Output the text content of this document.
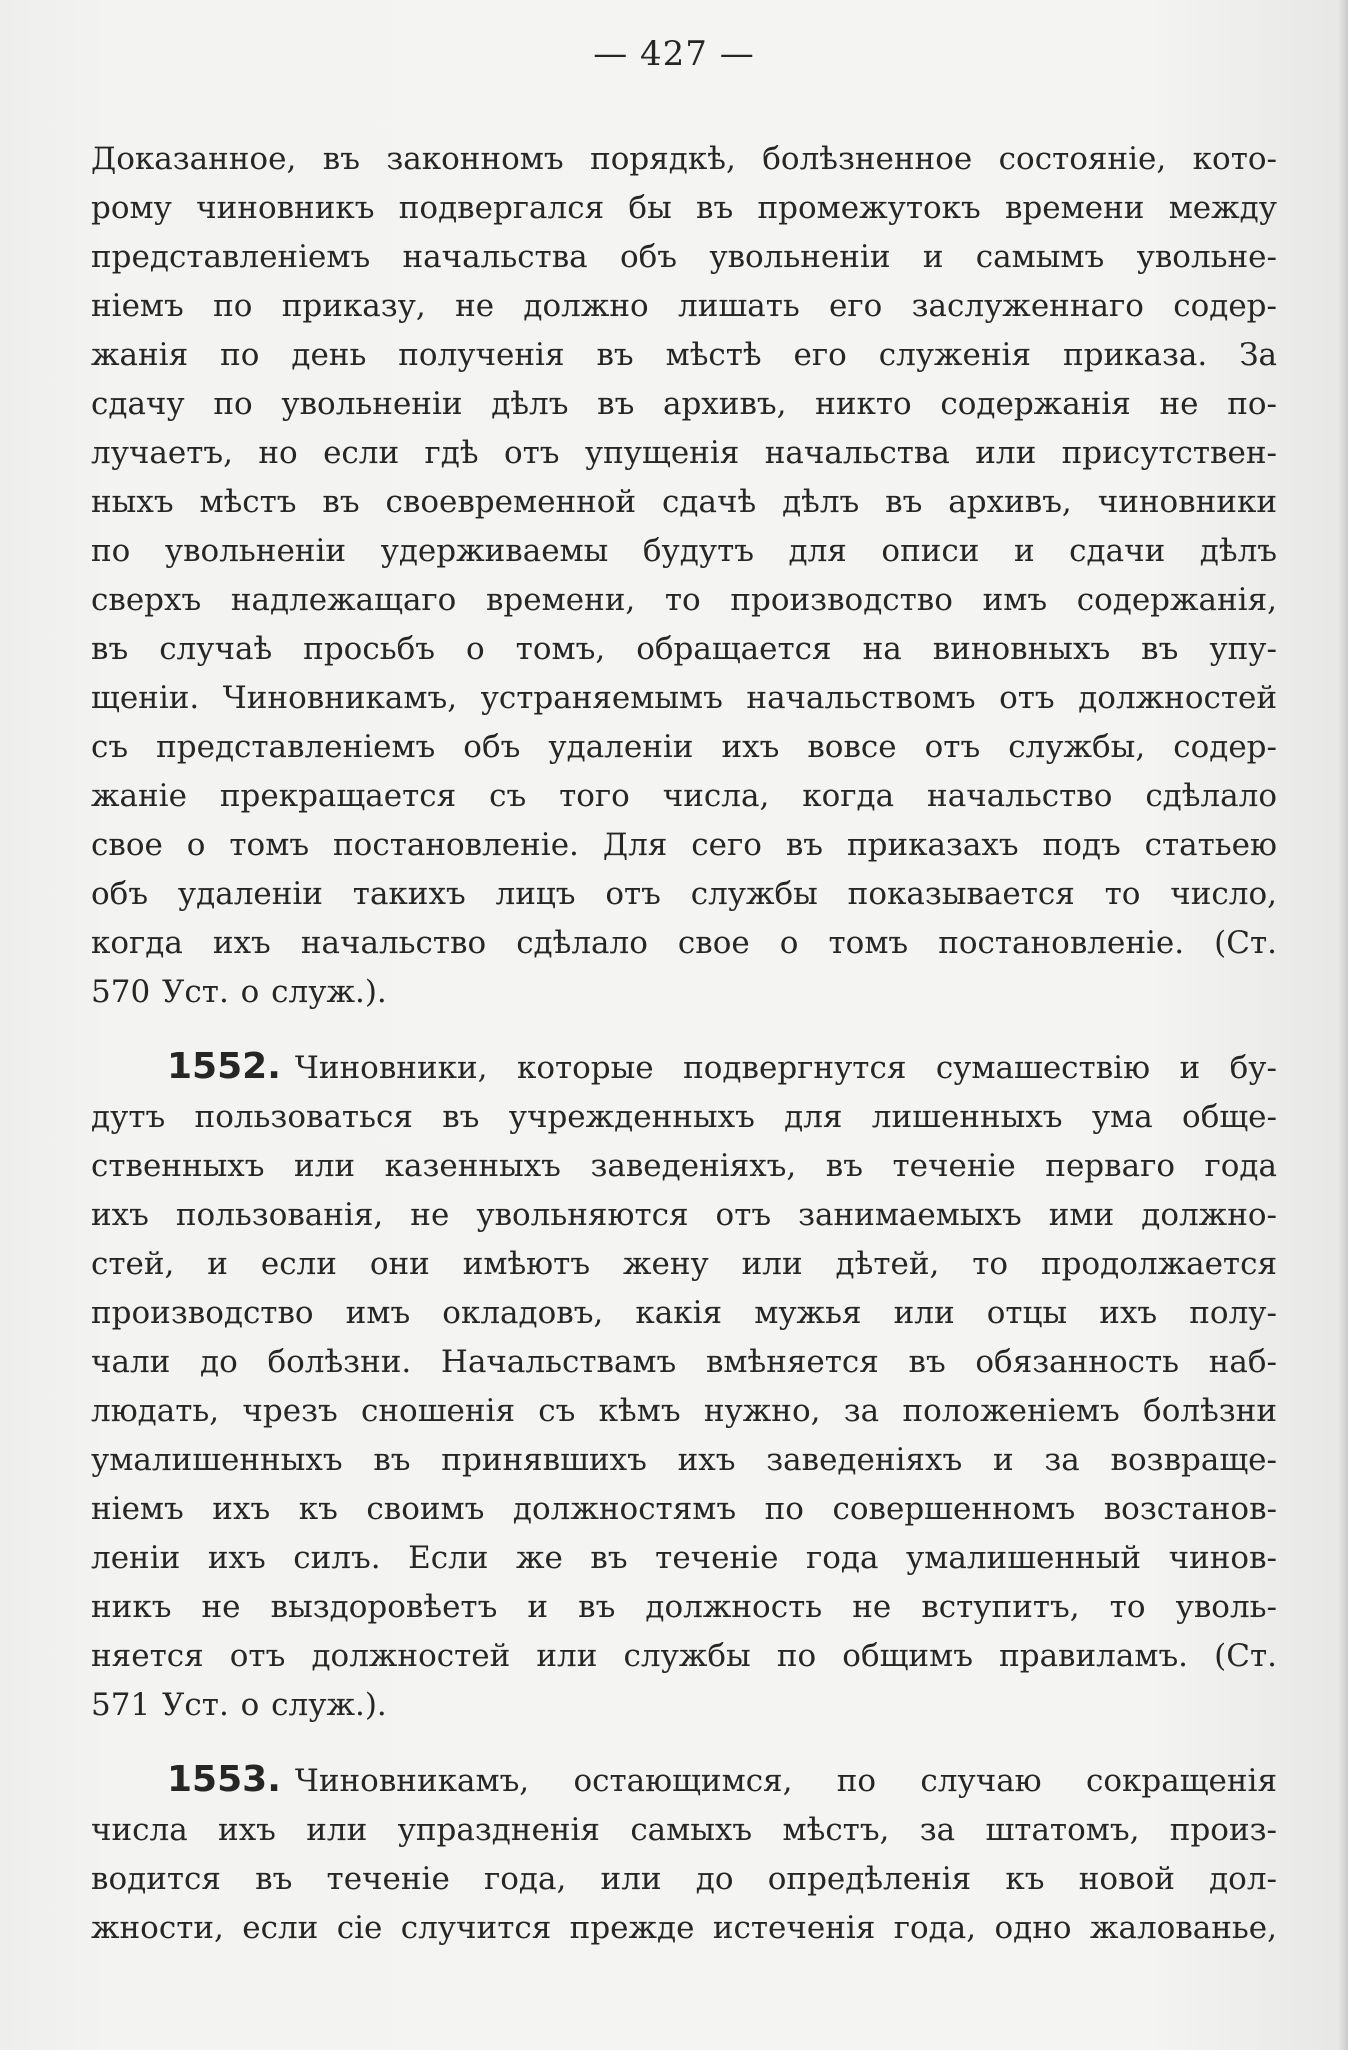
— 427 —

Доказанное, въ законномъ порядкѣ, болѣзненное состоянiе, кото-
рому чиновникъ подвергался бы въ промежутокъ времени между
представленiемъ начальства объ увольненiи и самымъ увольне-
нiемъ по приказу, не должно лишать его заслуженнаго содер-
жанiя по день полученiя въ мѣстѣ его служенiя приказа. За
сдачу по увольненiи дѣлъ въ архивъ, никто содержанiя не по-
лучаетъ, но если гдѣ отъ упущенiя начальства или присутствен-
ныхъ мѣстъ въ своевременной сдачѣ дѣлъ въ архивъ, чиновники
по увольненiи удерживаемы будутъ для описи и сдачи дѣлъ
сверхъ надлежащаго времени, то производство имъ содержанiя,
въ случаѣ просьбъ о томъ, обращается на виновныхъ въ упу-
щенiи. Чиновникамъ, устраняемымъ начальствомъ отъ должностей
съ представленiемъ объ удаленiи ихъ вовсе отъ службы, содер-
жанiе прекращается съ того числа, когда начальство сдѣлало
свое о томъ постановленiе. Для сего въ приказахъ подъ статьею
объ удаленiи такихъ лицъ отъ службы показывается то число,
когда ихъ начальство сдѣлало свое о томъ постановленiе. (Ст.
570 Уст. о служ.).

1552. Чиновники, которые подвергнутся сумашествiю и бу-
дутъ пользоваться въ учрежденныхъ для лишенныхъ ума обще-
ственныхъ или казенныхъ заведенiяхъ, въ теченiе перваго года
ихъ пользованiя, не увольняются отъ занимаемыхъ ими должно-
стей, и если они имѣютъ жену или дѣтей, то продолжается
производство имъ окладовъ, какiя мужья или отцы ихъ полу-
чали до болѣзни. Начальствамъ вмѣняется въ обязанность наб-
людать, чрезъ сношенiя съ кѣмъ нужно, за положенiемъ болѣзни
умалишенныхъ въ принявшихъ ихъ заведенiяхъ и за возвраще-
нiемъ ихъ къ своимъ должностямъ по совершенномъ возстанов-
ленiи ихъ силъ. Если же въ теченiе года умалишенный чинов-
никъ не выздоровѣетъ и въ должность не вступитъ, то уволь-
няется отъ должностей или службы по общимъ правиламъ. (Ст.
571 Уст. о служ.).

1553. Чиновникамъ, остающимся, по случаю сокращенiя
числа ихъ или упраздненiя самыхъ мѣстъ, за штатомъ, произ-
водится въ теченiе года, или до опредѣленiя къ новой дол-
жности, если сiе случится прежде истеченiя года, одно жалованье,
